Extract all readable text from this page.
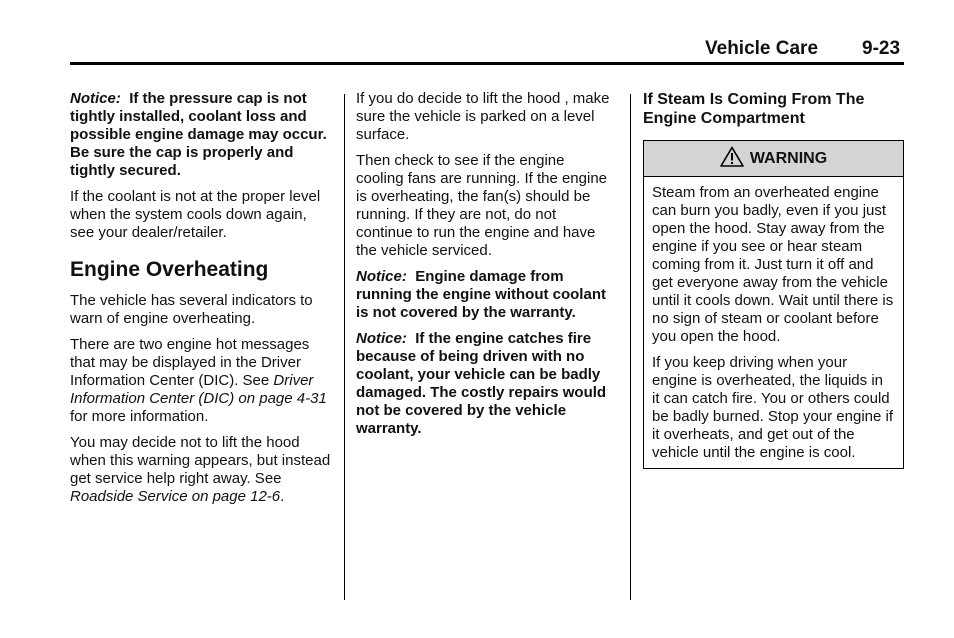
Vehicle Care 9-23

Notice: If the pressure cap is not tightly installed, coolant loss and possible engine damage may occur. Be sure the cap is properly and tightly secured.

If the coolant is not at the proper level when the system cools down again, see your dealer/retailer.

Engine Overheating

The vehicle has several indicators to warn of engine overheating.

There are two engine hot messages that may be displayed in the Driver Information Center (DIC). See Driver Information Center (DIC) on page 4-31 for more information.

You may decide not to lift the hood when this warning appears, but instead get service help right away. See Roadside Service on page 12-6.

If you do decide to lift the hood , make sure the vehicle is parked on a level surface.

Then check to see if the engine cooling fans are running. If the engine is overheating, the fan(s) should be running. If they are not, do not continue to run the engine and have the vehicle serviced.

Notice: Engine damage from running the engine without coolant is not covered by the warranty.

Notice: If the engine catches fire because of being driven with no coolant, your vehicle can be badly damaged. The costly repairs would not be covered by the vehicle warranty.

If Steam Is Coming From The Engine Compartment
WARNING

Steam from an overheated engine can burn you badly, even if you just open the hood. Stay away from the engine if you see or hear steam coming from it. Just turn it off and get everyone away from the vehicle until it cools down. Wait until there is no sign of steam or coolant before you open the hood.

If you keep driving when your engine is overheated, the liquids in it can catch fire. You or others could be badly burned. Stop your engine if it overheats, and get out of the vehicle until the engine is cool.
